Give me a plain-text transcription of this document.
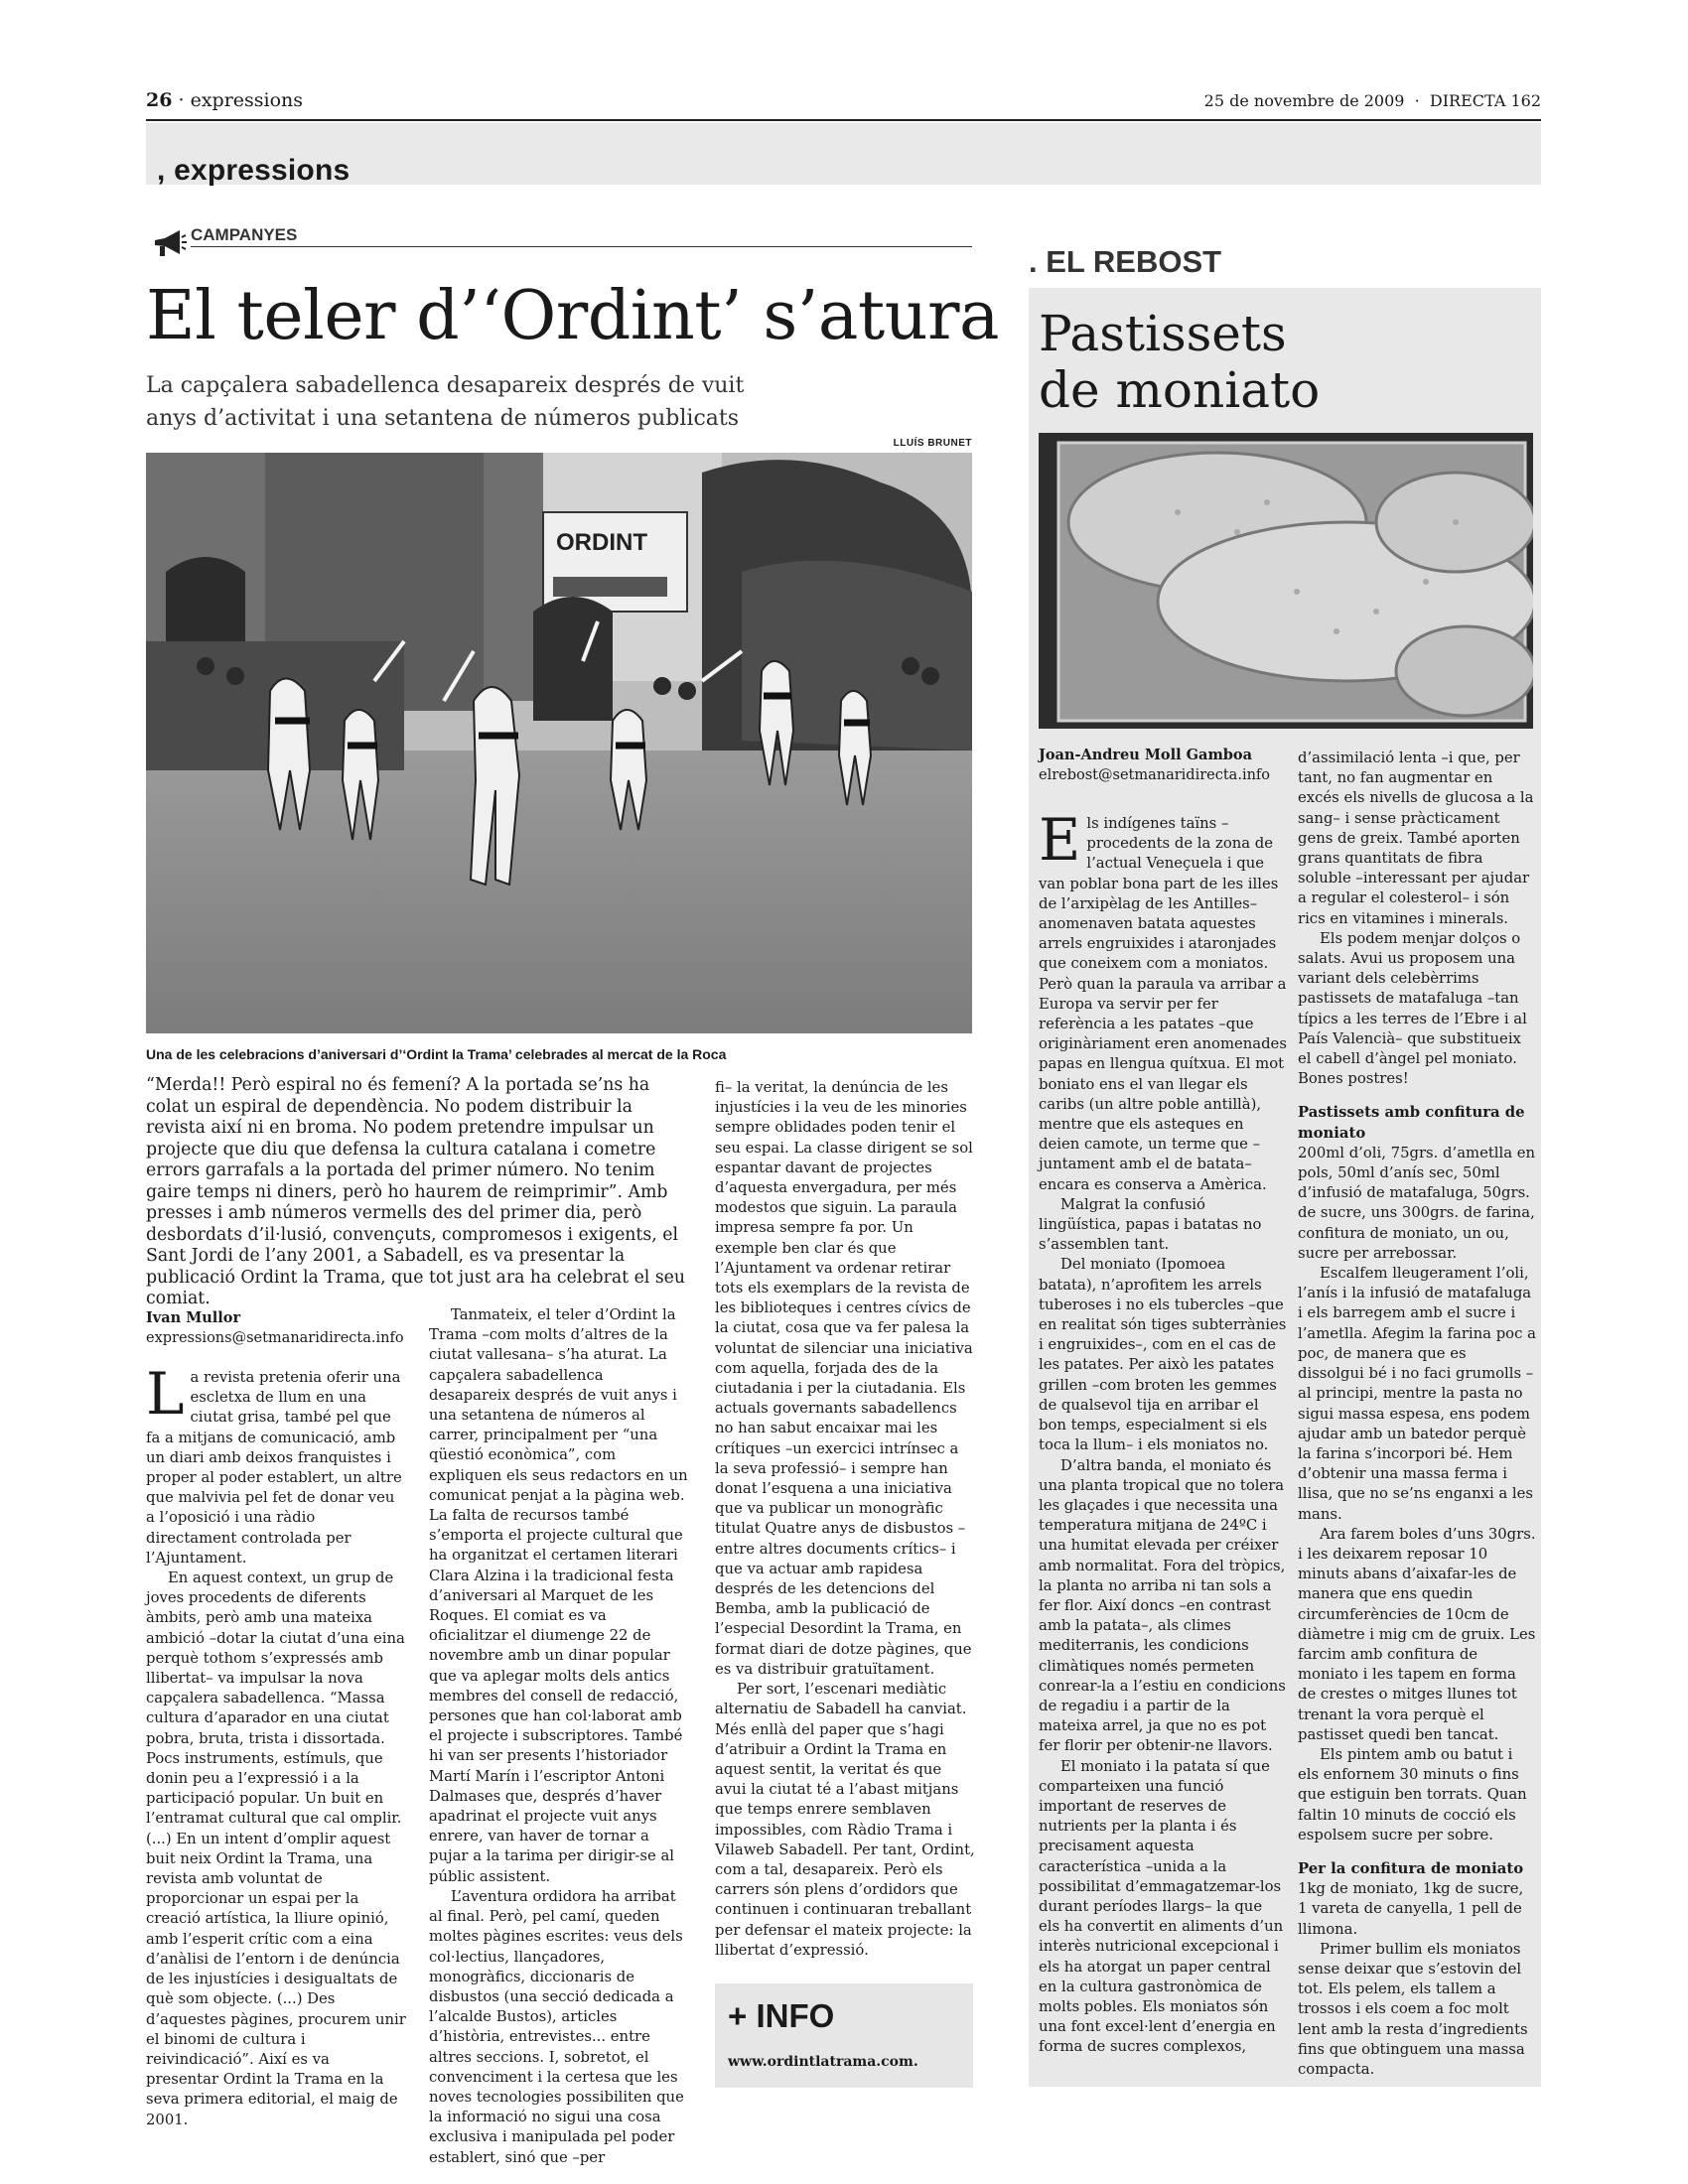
26 · expressions	25 de novembre de 2009  ·  DIRECTA 162
, expressions
CAMPANYES
El teler d’‘Ordint’ s’atura
La capçalera sabadellenca desapareix després de vuit anys d’activitat i una setantena de números publicats
LLUÍS BRUNET
ORDINT
Una de les celebracions d’aniversari d’‘Ordint la Trama’ celebrades al mercat de la Roca

“Merda!! Però espiral no és femení? A la portada se’ns ha colat un espiral de dependència. No podem distribuir la revista així ni en broma. No podem pretendre impulsar un projecte que diu que defensa la cultura catalana i cometre errors garrafals a la portada del primer número. No tenim gaire temps ni diners, però ho haurem de reimprimir”. Amb presses i amb números vermells des del primer dia, però desbordats d’il·lusió, convençuts, compromesos i exigents, el Sant Jordi de l’any 2001, a Sabadell, es va presentar la publicació Ordint la Trama, que tot just ara ha celebrat el seu comiat.

Ivan Mullor
expressions@setmanaridirecta.info

La revista pretenia oferir una escletxa de llum en una ciutat grisa, també pel que fa a mitjans de comunicació, amb un diari amb deixos franquistes i proper al poder establert, un altre que malvivia pel fet de donar veu a l’oposició i una ràdio directament controlada per l’Ajuntament.

En aquest context, un grup de joves procedents de diferents àmbits, però amb una mateixa ambició –dotar la ciutat d’una eina perquè tothom s’expressés amb llibertat– va impulsar la nova capçalera sabadellenca. “Massa cultura d’aparador en una ciutat pobra, bruta, trista i dissortada. Pocs instruments, estímuls, que donin peu a l’expressió i a la participació popular. Un buit en l’entramat cultural que cal omplir. (...) En un intent d’omplir aquest buit neix Ordint la Trama, una revista amb voluntat de proporcionar un espai per la creació artística, la lliure opinió, amb l’esperit crític com a eina d’anàlisi de l’entorn i de denúncia de les injustícies i desigualtats de què som objecte. (...) Des d’aquestes pàgines, procurem unir el binomi de cultura i reivindicació”. Així es va presentar Ordint la Trama en la seva primera editorial, el maig de 2001.

Tanmateix, el teler d’Ordint la Trama –com molts d’altres de la ciutat vallesana– s’ha aturat. La capçalera sabadellenca desapareix després de vuit anys i una setantena de números al carrer, principalment per “una qüestió econòmica”, com expliquen els seus redactors en un comunicat penjat a la pàgina web. La falta de recursos també s’emporta el projecte cultural que ha organitzat el certamen literari Clara Alzina i la tradicional festa d’aniversari al Marquet de les Roques. El comiat es va oficialitzar el diumenge 22 de novembre amb un dinar popular que va aplegar molts dels antics membres del consell de redacció, persones que han col·laborat amb el projecte i subscriptores. També hi van ser presents l’historiador Martí Marín i l’escriptor Antoni Dalmases que, després d’haver apadrinat el projecte vuit anys enrere, van haver de tornar a pujar a la tarima per dirigir-se al públic assistent.

L’aventura ordidora ha arribat al final. Però, pel camí, queden moltes pàgines escrites: veus dels col·lectius, llançadores, monogràfics, diccionaris de disbustos (una secció dedicada a l’alcalde Bustos), articles d’història, entrevistes... entre altres seccions. I, sobretot, el convenciment i la certesa que les noves tecnologies possibiliten que la informació no sigui una cosa exclusiva i manipulada pel poder establert, sinó que –per

fi– la veritat, la denúncia de les injustícies i la veu de les minories sempre oblidades poden tenir el seu espai. La classe dirigent se sol espantar davant de projectes d’aquesta envergadura, per més modestos que siguin. La paraula impresa sempre fa por. Un exemple ben clar és que l’Ajuntament va ordenar retirar tots els exemplars de la revista de les biblioteques i centres cívics de la ciutat, cosa que va fer palesa la voluntat de silenciar una iniciativa com aquella, forjada des de la ciutadania i per la ciutadania. Els actuals governants sabadellencs no han sabut encaixar mai les crítiques –un exercici intrínsec a la seva professió– i sempre han donat l’esquena a una iniciativa que va publicar un monogràfic titulat Quatre anys de disbustos –entre altres documents crítics– i que va actuar amb rapidesa després de les detencions del Bemba, amb la publicació de l’especial Desordint la Trama, en format diari de dotze pàgines, que es va distribuir gratuïtament.

Per sort, l’escenari mediàtic alternatiu de Sabadell ha canviat. Més enllà del paper que s’hagi d’atribuir a Ordint la Trama en aquest sentit, la veritat és que avui la ciutat té a l’abast mitjans que temps enrere semblaven impossibles, com Ràdio Trama i Vilaweb Sabadell. Per tant, Ordint, com a tal, desapareix. Però els carrers són plens d’ordidors que continuen i continuaran treballant per defensar el mateix projecte: la llibertat d’expressió.

+ INFO
www.ordintlatrama.com.
. EL REBOST
Pastissets
de moniato
Joan-Andreu Moll Gamboa
elrebost@setmanaridirecta.info

Els indígenes taïns –procedents de la zona de l’actual Veneçuela i que van poblar bona part de les illes de l’arxipèlag de les Antilles– anomenaven batata aquestes arrels engruixides i ataronjades que coneixem com a moniatos. Però quan la paraula va arribar a Europa va servir per fer referència a les patates –que originàriament eren anomenades papas en llengua quítxua. El mot boniato ens el van llegar els caribs (un altre poble antillà), mentre que els asteques en deien camote, un terme que –juntament amb el de batata– encara es conserva a Amèrica.

Malgrat la confusió lingüística, papas i batatas no s’assemblen tant.

Del moniato (Ipomoea batata), n’aprofitem les arrels tuberoses i no els tubercles –que en realitat són tiges subterrànies i engruixides–, com en el cas de les patates. Per això les patates grillen –com broten les gemmes de qualsevol tija en arribar el bon temps, especialment si els toca la llum– i els moniatos no.

D’altra banda, el moniato és una planta tropical que no tolera les glaçades i que necessita una temperatura mitjana de 24ºC i una humitat elevada per créixer amb normalitat. Fora del tròpics, la planta no arriba ni tan sols a fer flor. Així doncs –en contrast amb la patata–, als climes mediterranis, les condicions climàtiques només permeten conrear-la a l’estiu en condicions de regadiu i a partir de la mateixa arrel, ja que no es pot fer florir per obtenir-ne llavors.

El moniato i la patata sí que comparteixen una funció important de reserves de nutrients per la planta i és precisament aquesta característica –unida a la possibilitat d’emmagatzemar-los durant períodes llargs– la que els ha convertit en aliments d’un interès nutricional excepcional i els ha atorgat un paper central en la cultura gastronòmica de molts pobles. Els moniatos són una font excel·lent d’energia en forma de sucres complexos,

d’assimilació lenta –i que, per tant, no fan augmentar en excés els nivells de glucosa a la sang– i sense pràcticament gens de greix. També aporten grans quantitats de fibra soluble –interessant per ajudar a regular el colesterol– i són rics en vitamines i minerals.

Els podem menjar dolços o salats. Avui us proposem una variant dels celebèrrims pastissets de matafaluga –tan típics a les terres de l’Ebre i al País Valencià– que substitueix el cabell d’àngel pel moniato. Bones postres!

Pastissets amb confitura de moniato

200ml d’oli, 75grs. d’ametlla en pols, 50ml d’anís sec, 50ml d’infusió de matafaluga, 50grs. de sucre, uns 300grs. de farina, confitura de moniato, un ou, sucre per arrebossar.

Escalfem lleugerament l’oli, l’anís i la infusió de matafaluga i els barregem amb el sucre i l’ametlla. Afegim la farina poc a poc, de manera que es dissolgui bé i no faci grumolls –al principi, mentre la pasta no sigui massa espesa, ens podem ajudar amb un batedor perquè la farina s’incorpori bé. Hem d’obtenir una massa ferma i llisa, que no se’ns enganxi a les mans.

Ara farem boles d’uns 30grs. i les deixarem reposar 10 minuts abans d’aixafar-les de manera que ens quedin circumferències de 10cm de diàmetre i mig cm de gruix. Les farcim amb confitura de moniato i les tapem en forma de crestes o mitges llunes tot trenant la vora perquè el pastisset quedi ben tancat.

Els pintem amb ou batut i els enfornem 30 minuts o fins que estiguin ben torrats. Quan faltin 10 minuts de cocció els espolsem sucre per sobre.

Per la confitura de moniato

1kg de moniato, 1kg de sucre, 1 vareta de canyella, 1 pell de llimona.

Primer bullim els moniatos sense deixar que s’estovin del tot. Els pelem, els tallem a trossos i els coem a foc molt lent amb la resta d’ingredients fins que obtinguem una massa compacta.
